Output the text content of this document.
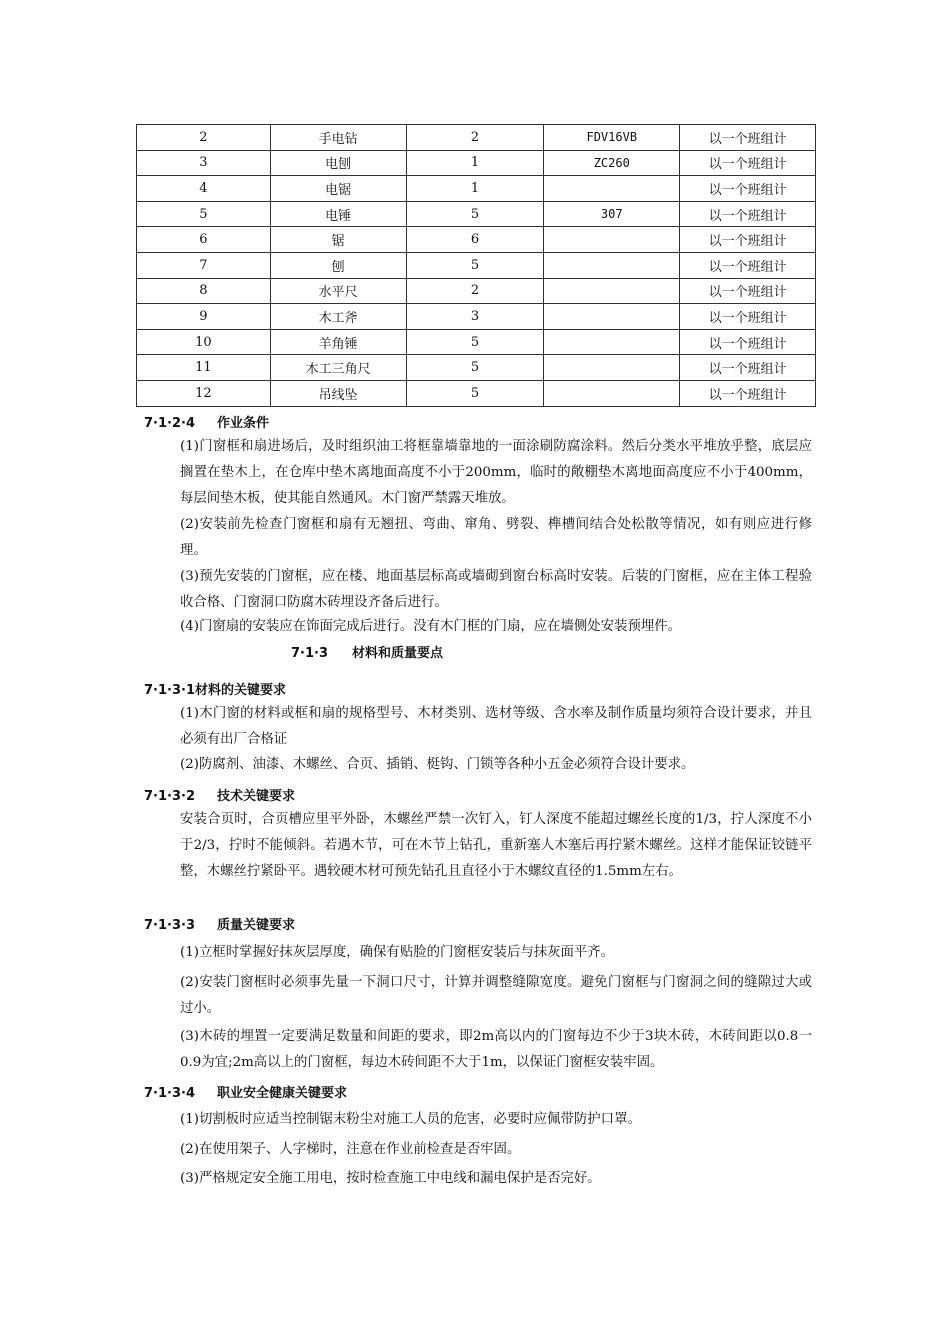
2	手电钻	2	FDV16VB	以一个班组计
3	电刨	1	ZC260	以一个班组计
4	电锯	1		以一个班组计
5	电锤	5	307	以一个班组计
6	锯	6		以一个班组计
7	刨	5		以一个班组计
8	水平尺	2		以一个班组计
9	木工斧	3		以一个班组计
10	羊角锤	5		以一个班组计
11	木工三角尺	5		以一个班组计
12	吊线坠	5		以一个班组计
7·1·2·4 作业条件
(1)门窗框和扇进场后，及时组织油工将框靠墙靠地的一面涂刷防腐涂料。然后分类水平堆放乎整，底层应搁置在垫木上，在仓库中垫木离地面高度不小于200mm，临时的敞棚垫木离地面高度应不小于400mm，每层间垫木板，使其能自然通风。木门窗严禁露天堆放。
(2)安装前先检查门窗框和扇有无翘扭、弯曲、窜角、劈裂、榫槽间结合处松散等情况，如有则应进行修理。
(3)预先安装的门窗框，应在楼、地面基层标高或墙砌到窗台标高时安装。后装的门窗框，应在主体工程验收合格、门窗洞口防腐木砖埋设齐备后进行。
(4)门窗扇的安装应在饰面完成后进行。没有木门框的门扇，应在墙侧处安装预埋件。
7·1·3 材料和质量要点
7·1·3·1材料的关键要求
(1)木门窗的材料或框和扇的规格型号、木材类别、选材等级、含水率及制作质量均须符合设计要求，并且必须有出厂合格证
(2)防腐剂、油漆、木螺丝、合页、插销、梃钩、门锁等各种小五金必须符合设计要求。
7·1·3·2 技术关键要求
安装合页时，合页槽应里平外卧，木螺丝严禁一次钉入，钉人深度不能超过螺丝长度的1/3，拧人深度不小于2/3，拧时不能倾斜。若遇木节，可在木节上钻孔，重新塞人木塞后再拧紧木螺丝。这样才能保证铰链平整，木螺丝拧紧卧平。遇较硬木材可预先钻孔且直径小于木螺纹直径的1.5mm左右。
7·1·3·3 质量关键要求
(1)立框时掌握好抹灰层厚度，确保有贴脸的门窗框安装后与抹灰面平齐。
(2)安装门窗框时必须事先量一下洞口尺寸，计算并调整缝隙宽度。避免门窗框与门窗洞之间的缝隙过大或过小。
(3)木砖的埋置一定要满足数量和间距的要求，即2m高以内的门窗每边不少于3块木砖，木砖间距以0.8一0.9为宜;2m高以上的门窗框，每边木砖间距不大于1m，以保证门窗框安装牢固。
7·1·3·4 职业安全健康关键要求
(1)切割板时应适当控制锯末粉尘对施工人员的危害，必要时应佩带防护口罩。
(2)在使用架子、人字梯时，注意在作业前检查是否牢固。
(3)严格规定安全施工用电，按时检查施工中电线和漏电保护是否完好。
